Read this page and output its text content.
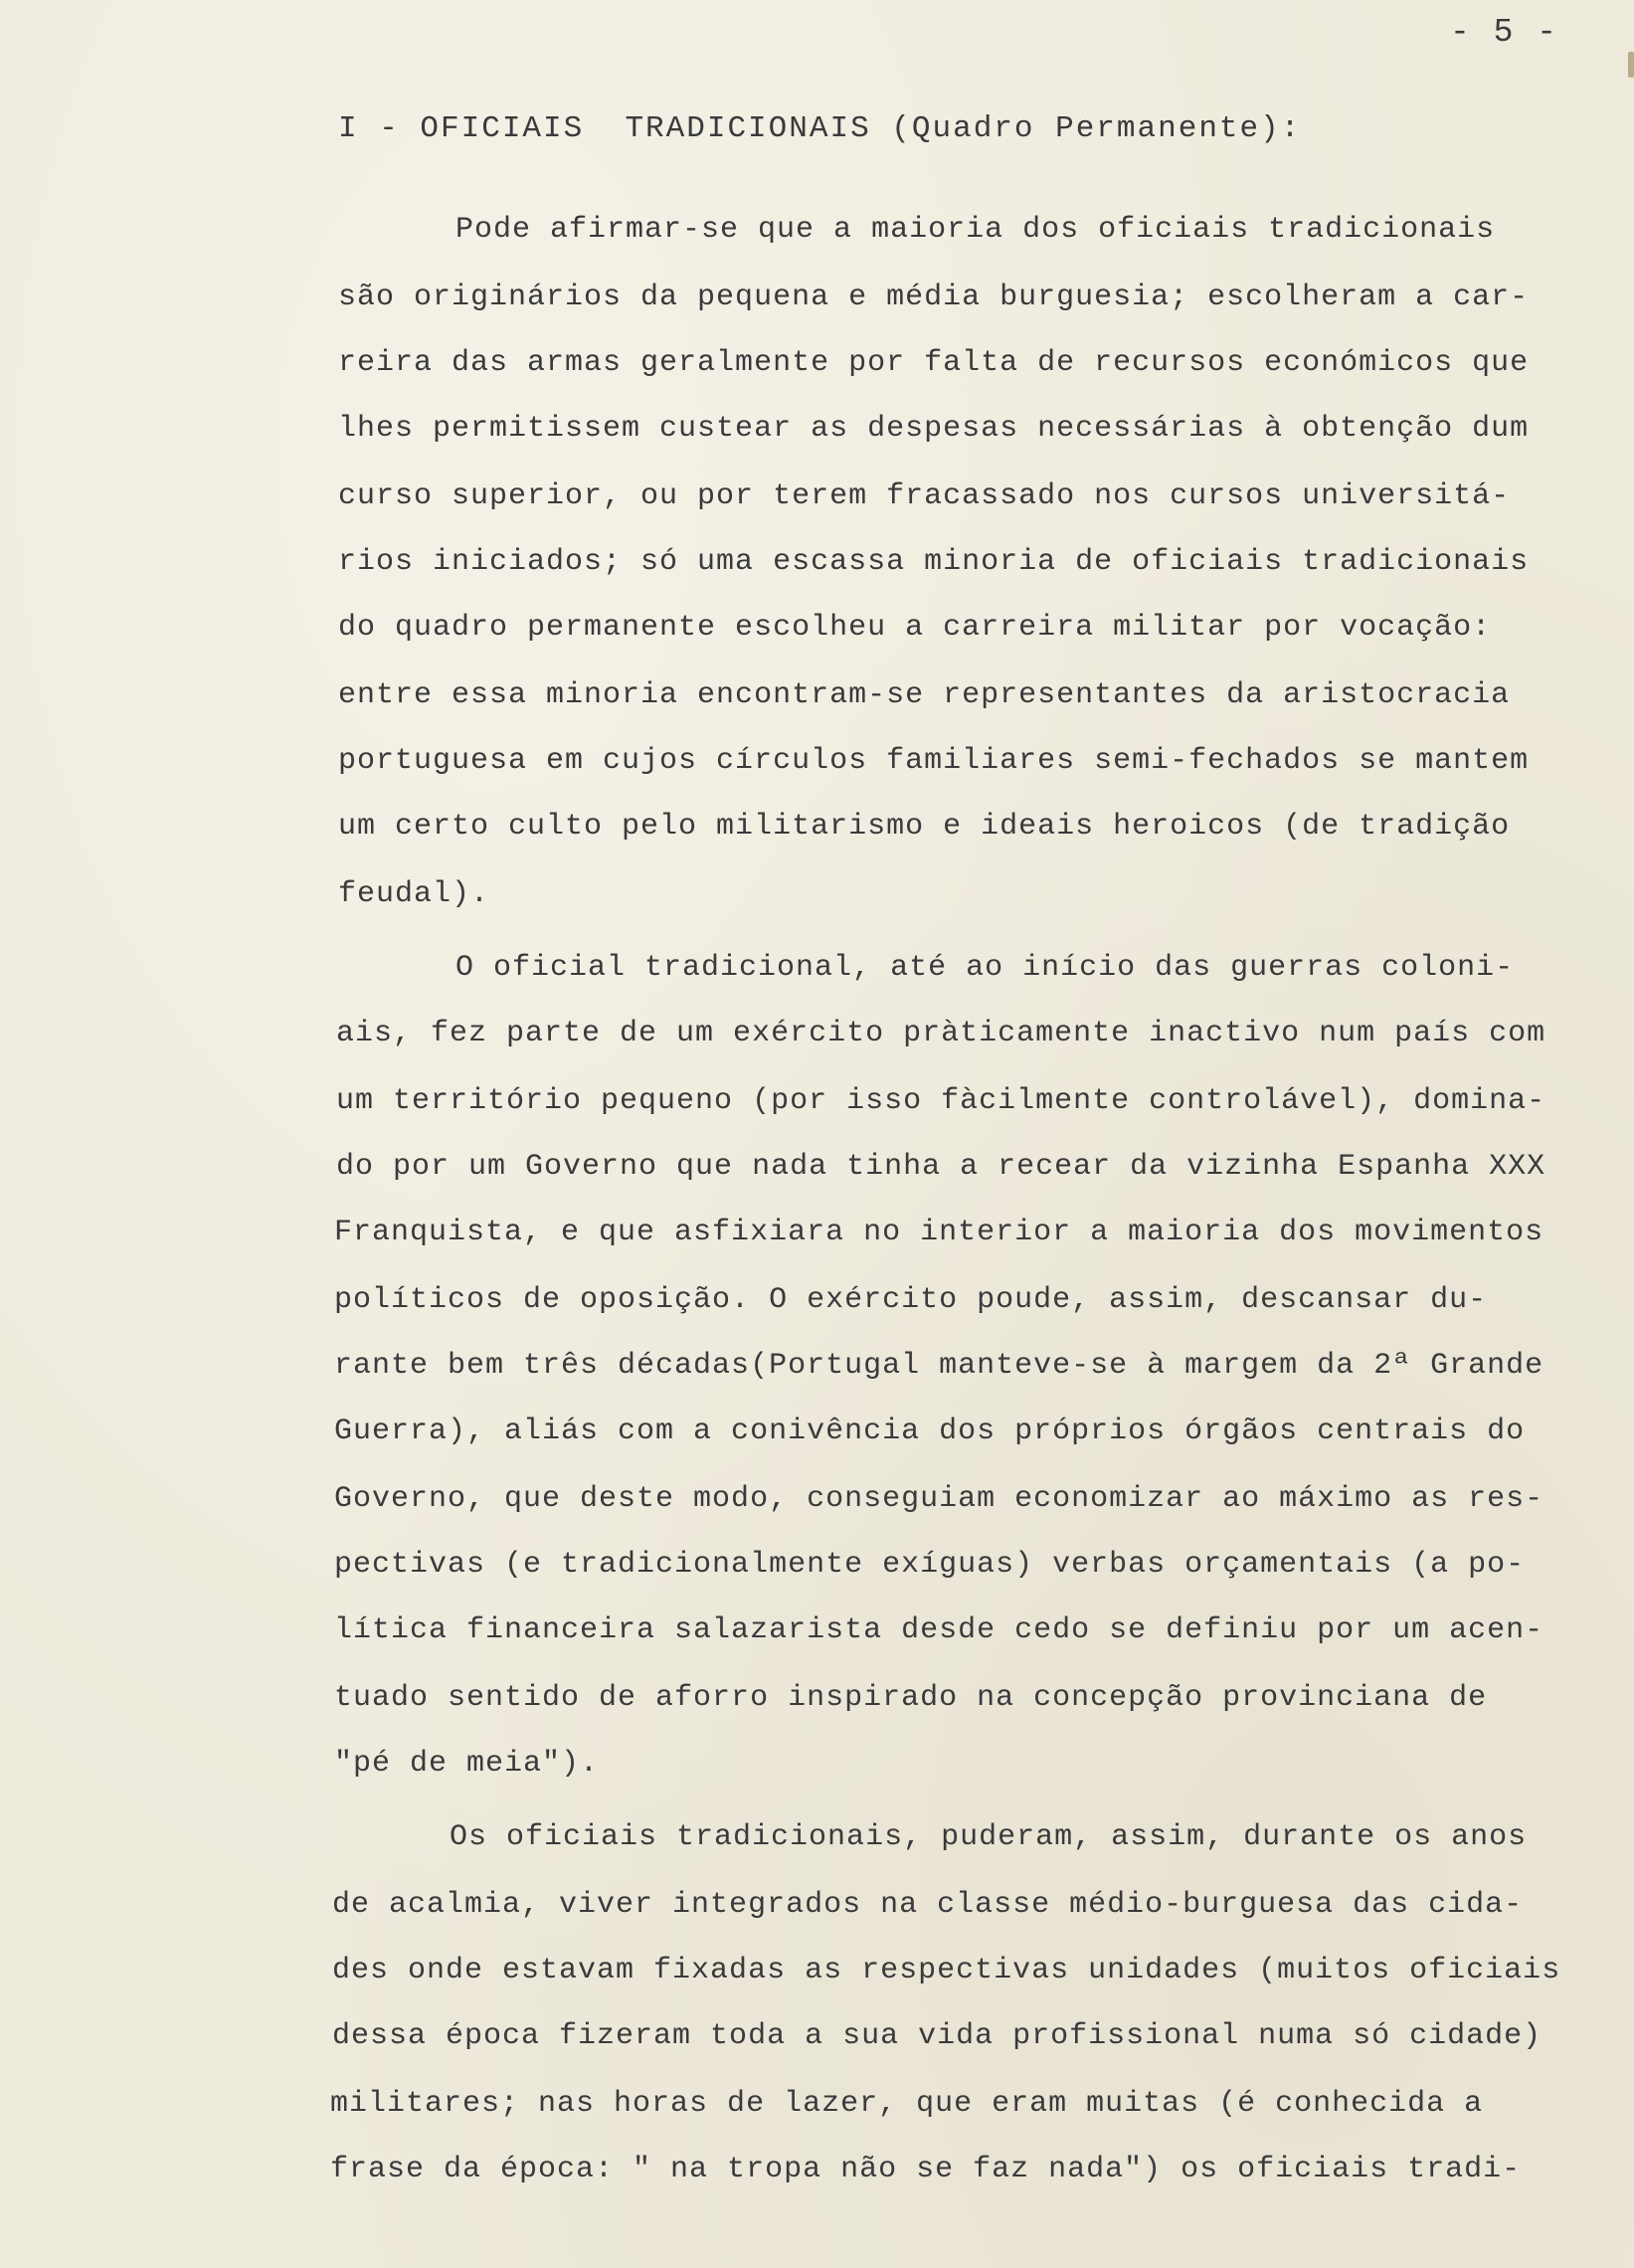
- 5 -
I - OFICIAIS  TRADICIONAIS (Quadro Permanente):
Pode afirmar-se que a maioria dos oficiais tradicionais
são originários da pequena e média burguesia; escolheram a car-
reira das armas geralmente por falta de recursos económicos que
lhes permitissem custear as despesas necessárias à obtenção dum
curso superior, ou por terem fracassado nos cursos universitá-
rios iniciados; só uma escassa minoria de oficiais tradicionais
do quadro permanente escolheu a carreira militar por vocação:
entre essa minoria encontram-se representantes da aristocracia
portuguesa em cujos círculos familiares semi-fechados se mantem
um certo culto pelo militarismo e ideais heroicos (de tradição
feudal).
O oficial tradicional, até ao início das guerras coloni-
ais, fez parte de um exército pràticamente inactivo num país com
um território pequeno (por isso fàcilmente controlável), domina-
do por um Governo que nada tinha a recear da vizinha Espanha XXX
Franquista, e que asfixiara no interior a maioria dos movimentos
políticos de oposição. O exército poude, assim, descansar du-
rante bem três décadas(Portugal manteve-se à margem da 2ª Grande
Guerra), aliás com a conivência dos próprios órgãos centrais do
Governo, que deste modo, conseguiam economizar ao máximo as res-
pectivas (e tradicionalmente exíguas) verbas orçamentais (a po-
lítica financeira salazarista desde cedo se definiu por um acen-
tuado sentido de aforro inspirado na concepção provinciana de
"pé de meia").
Os oficiais tradicionais, puderam, assim, durante os anos
de acalmia, viver integrados na classe médio-burguesa das cida-
des onde estavam fixadas as respectivas unidades (muitos oficiais
dessa época fizeram toda a sua vida profissional numa só cidade)
militares; nas horas de lazer, que eram muitas (é conhecida a
frase da época: " na tropa não se faz nada") os oficiais tradi-
